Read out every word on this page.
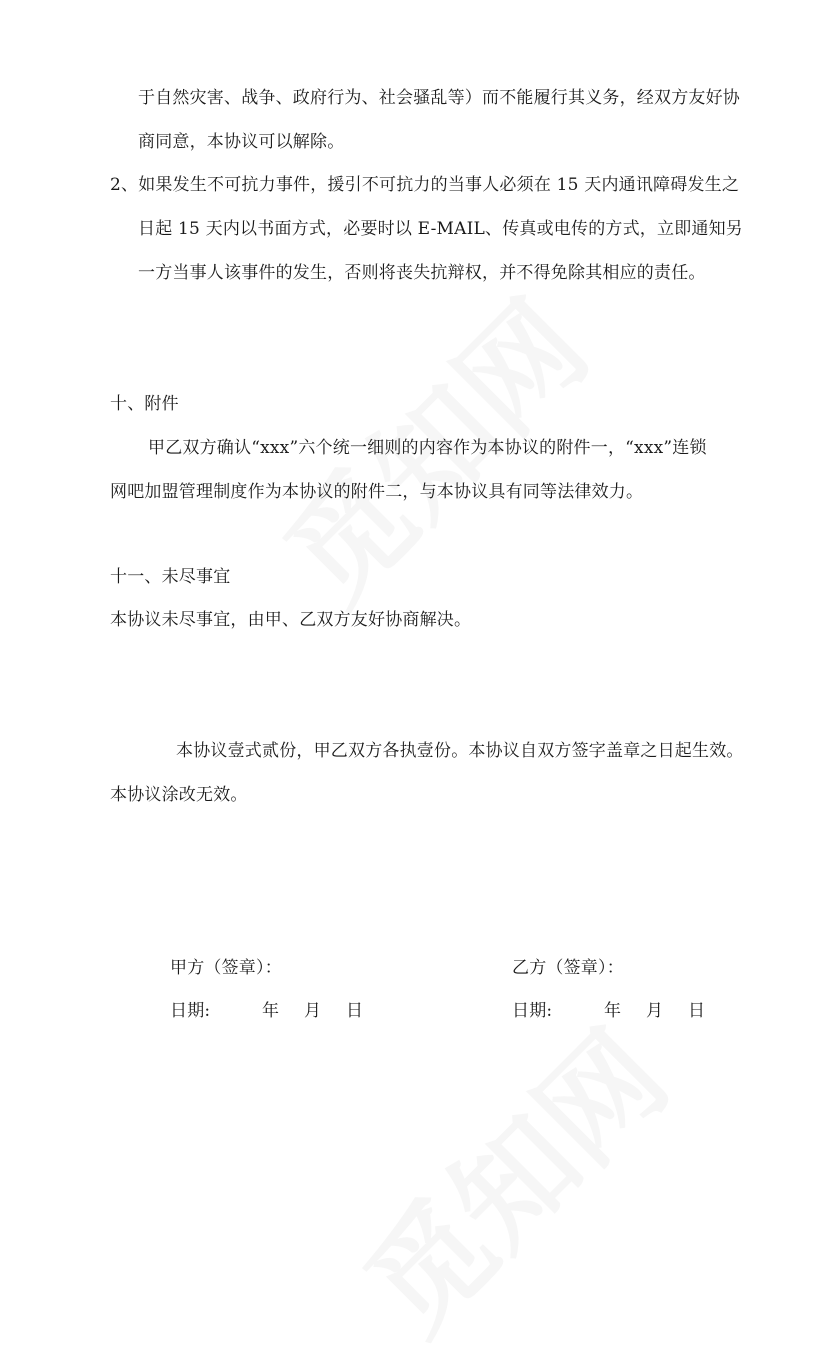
于自然灾害、战争、政府行为、社会骚乱等）而不能履行其义务，经双方友好协
商同意，本协议可以解除。
2、如果发生不可抗力事件，援引不可抗力的当事人必须在 15 天内通讯障碍发生之
日起 15 天内以书面方式，必要时以 E-MAIL、传真或电传的方式，立即通知另
一方当事人该事件的发生，否则将丧失抗辩权，并不得免除其相应的责任。
十、附件
甲乙双方确认“xxx”六个统一细则的内容作为本协议的附件一，“xxx”连锁
网吧加盟管理制度作为本协议的附件二，与本协议具有同等法律效力。
十一、未尽事宜
本协议未尽事宜，由甲、乙双方友好协商解决。
本协议壹式贰份，甲乙双方各执壹份。本协议自双方签字盖章之日起生效。
本协议涂改无效。
甲方（签章）：	乙方（签章）：
日期:	年 月 日	日期:	年 月 日
